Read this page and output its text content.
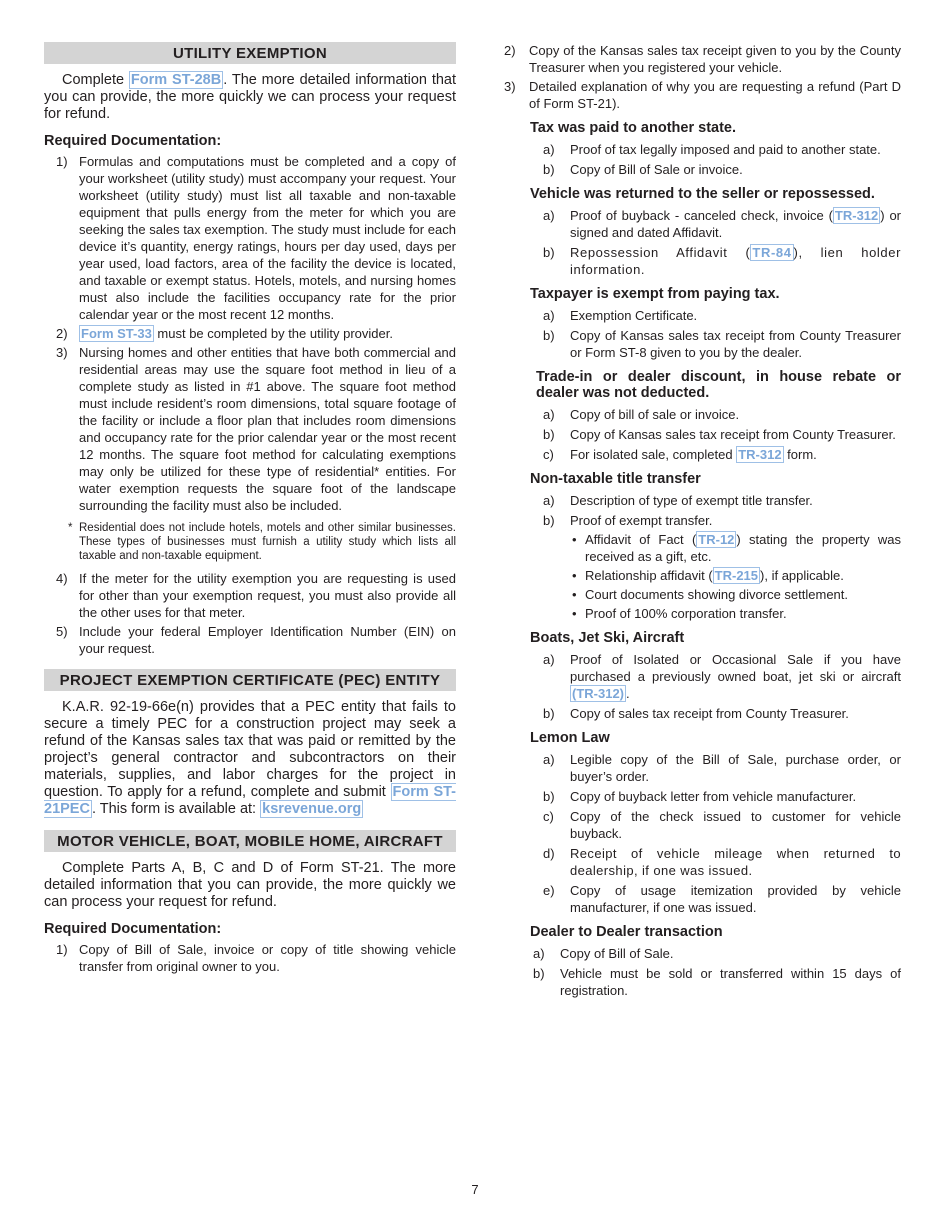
UTILITY EXEMPTION

Complete Form ST-28B . The more detailed information that you can provide, the more quickly we can process your request for refund.

Required Documentation:
1) Formulas and computations must be completed and a copy of your worksheet (utility study) must accompany your request. Your worksheet (utility study) must list all taxable and non-taxable equipment that pulls energy from the meter for which you are seeking the sales tax exemption. The study must include for each device it’s quantity, energy ratings, hours per day used, days per year used, load factors, area of the facility the device is located, and taxable or exempt status. Hotels, motels, and nursing homes must also include the facilities occupancy rate for the prior calendar year or the most recent 12 months.
2) Form ST-33 must be completed by the utility provider.
3) Nursing homes and other entities that have both commercial and residential areas may use the square foot method in lieu of a complete study as listed in #1 above. The square foot method must include resident’s room dimensions, total square footage of the facility or include a floor plan that includes room dimensions and occupancy rate for the prior calendar year or the most recent 12 months. The square foot method for calculating exemptions may only be utilized for these type of residential* entities. For water exemption requests the square foot of the landscape surrounding the facility must also be included.
* Residential does not include hotels, motels and other similar businesses. These types of businesses must furnish a utility study which lists all taxable and non-taxable equipment.
4) If the meter for the utility exemption you are requesting is used for other than your exemption request, you must also provide all the other uses for that meter.
5) Include your federal Employer Identification Number (EIN) on your request.
PROJECT EXEMPTION CERTIFICATE (PEC) ENTITY

K.A.R. 92-19-66e(n) provides that a PEC entity that fails to secure a timely PEC for a construction project may seek a refund of the Kansas sales tax that was paid or remitted by the project’s general contractor and subcontractors on their materials, supplies, and labor charges for the project in question. To apply for a refund, complete and submit Form ST-21PEC . This form is available at: ksrevenue.org

MOTOR VEHICLE, BOAT, MOBILE HOME, AIRCRAFT

Complete Parts A, B, C and D of Form ST-21. The more detailed information that you can provide, the more quickly we can process your request for refund.

Required Documentation:
1) Copy of Bill of Sale, invoice or copy of title showing vehicle transfer from original owner to you.
2) Copy of the Kansas sales tax receipt given to you by the County Treasurer when you registered your vehicle.
3) Detailed explanation of why you are requesting a refund (Part D of Form ST-21).
Tax was paid to another state.
a) Proof of tax legally imposed and paid to another state.
b) Copy of Bill of Sale or invoice.
Vehicle was returned to the seller or repossessed.
a) Proof of buyback - canceled check, invoice ( TR-312 ) or signed and dated Affidavit.
b) Repossession Affidavit ( TR-84 ), lien holder information.
Taxpayer is exempt from paying tax.
a) Exemption Certificate.
b) Copy of Kansas sales tax receipt from County Treasurer or Form ST-8 given to you by the dealer.
Trade-in or dealer discount, in house rebate or dealer was not deducted.
a) Copy of bill of sale or invoice.
b) Copy of Kansas sales tax receipt from County Treasurer.
c) For isolated sale, completed TR-312 form.
Non-taxable title transfer
a) Description of type of exempt title transfer.
b) Proof of exempt transfer.
• Affidavit of Fact ( TR-12 ) stating the property was received as a gift, etc.
• Relationship affidavit ( TR-215 ), if applicable.
• Court documents showing divorce settlement.
• Proof of 100% corporation transfer.
Boats, Jet Ski, Aircraft
a) Proof of Isolated or Occasional Sale if you have purchased a previously owned boat, jet ski or aircraft (TR-312) .
b) Copy of sales tax receipt from County Treasurer.
Lemon Law
a) Legible copy of the Bill of Sale, purchase order, or buyer’s order.
b) Copy of buyback letter from vehicle manufacturer.
c) Copy of the check issued to customer for vehicle buyback.
d) Receipt of vehicle mileage when returned to dealership, if one was issued.
e) Copy of usage itemization provided by vehicle manufacturer, if one was issued.
Dealer to Dealer transaction
a) Copy of Bill of Sale.
b) Vehicle must be sold or transferred within 15 days of registration.
7
